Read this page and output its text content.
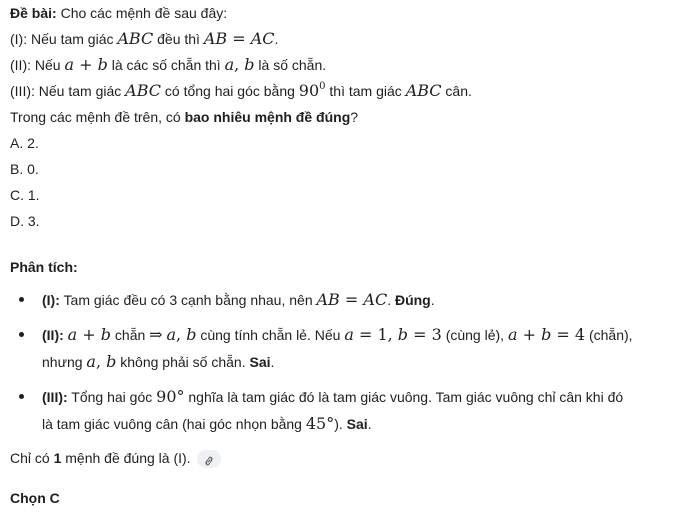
Đề bài: Cho các mệnh đề sau đây:
(I): Nếu tam giác ABC đều thì AB = AC.
(II): Nếu a + b là các số chẵn thì a, b là số chẵn.
(III): Nếu tam giác ABC có tổng hai góc bằng $90^0$ thì tam giác ABC cân.
Trong các mệnh đề trên, có bao nhiêu mệnh đề đúng?
A. 2.
B. 0.
C. 1.
D. 3.
Phân tích:
(I): Tam giác đều có 3 cạnh bằng nhau, nên AB = AC. Đúng.
(II): a + b chẵn ⇒ a, b cùng tính chẵn lẻ. Nếu a = 1, b = 3 (cùng lẻ), a + b = 4 (chẵn),
nhưng a, b không phải số chẵn. Sai.
(III): Tổng hai góc 90° nghĩa là tam giác đó là tam giác vuông. Tam giác vuông chỉ cân khi đó
là tam giác vuông cân (hai góc nhọn bằng 45°). Sai.
Chỉ có 1 mệnh đề đúng là (I).
Chọn C
